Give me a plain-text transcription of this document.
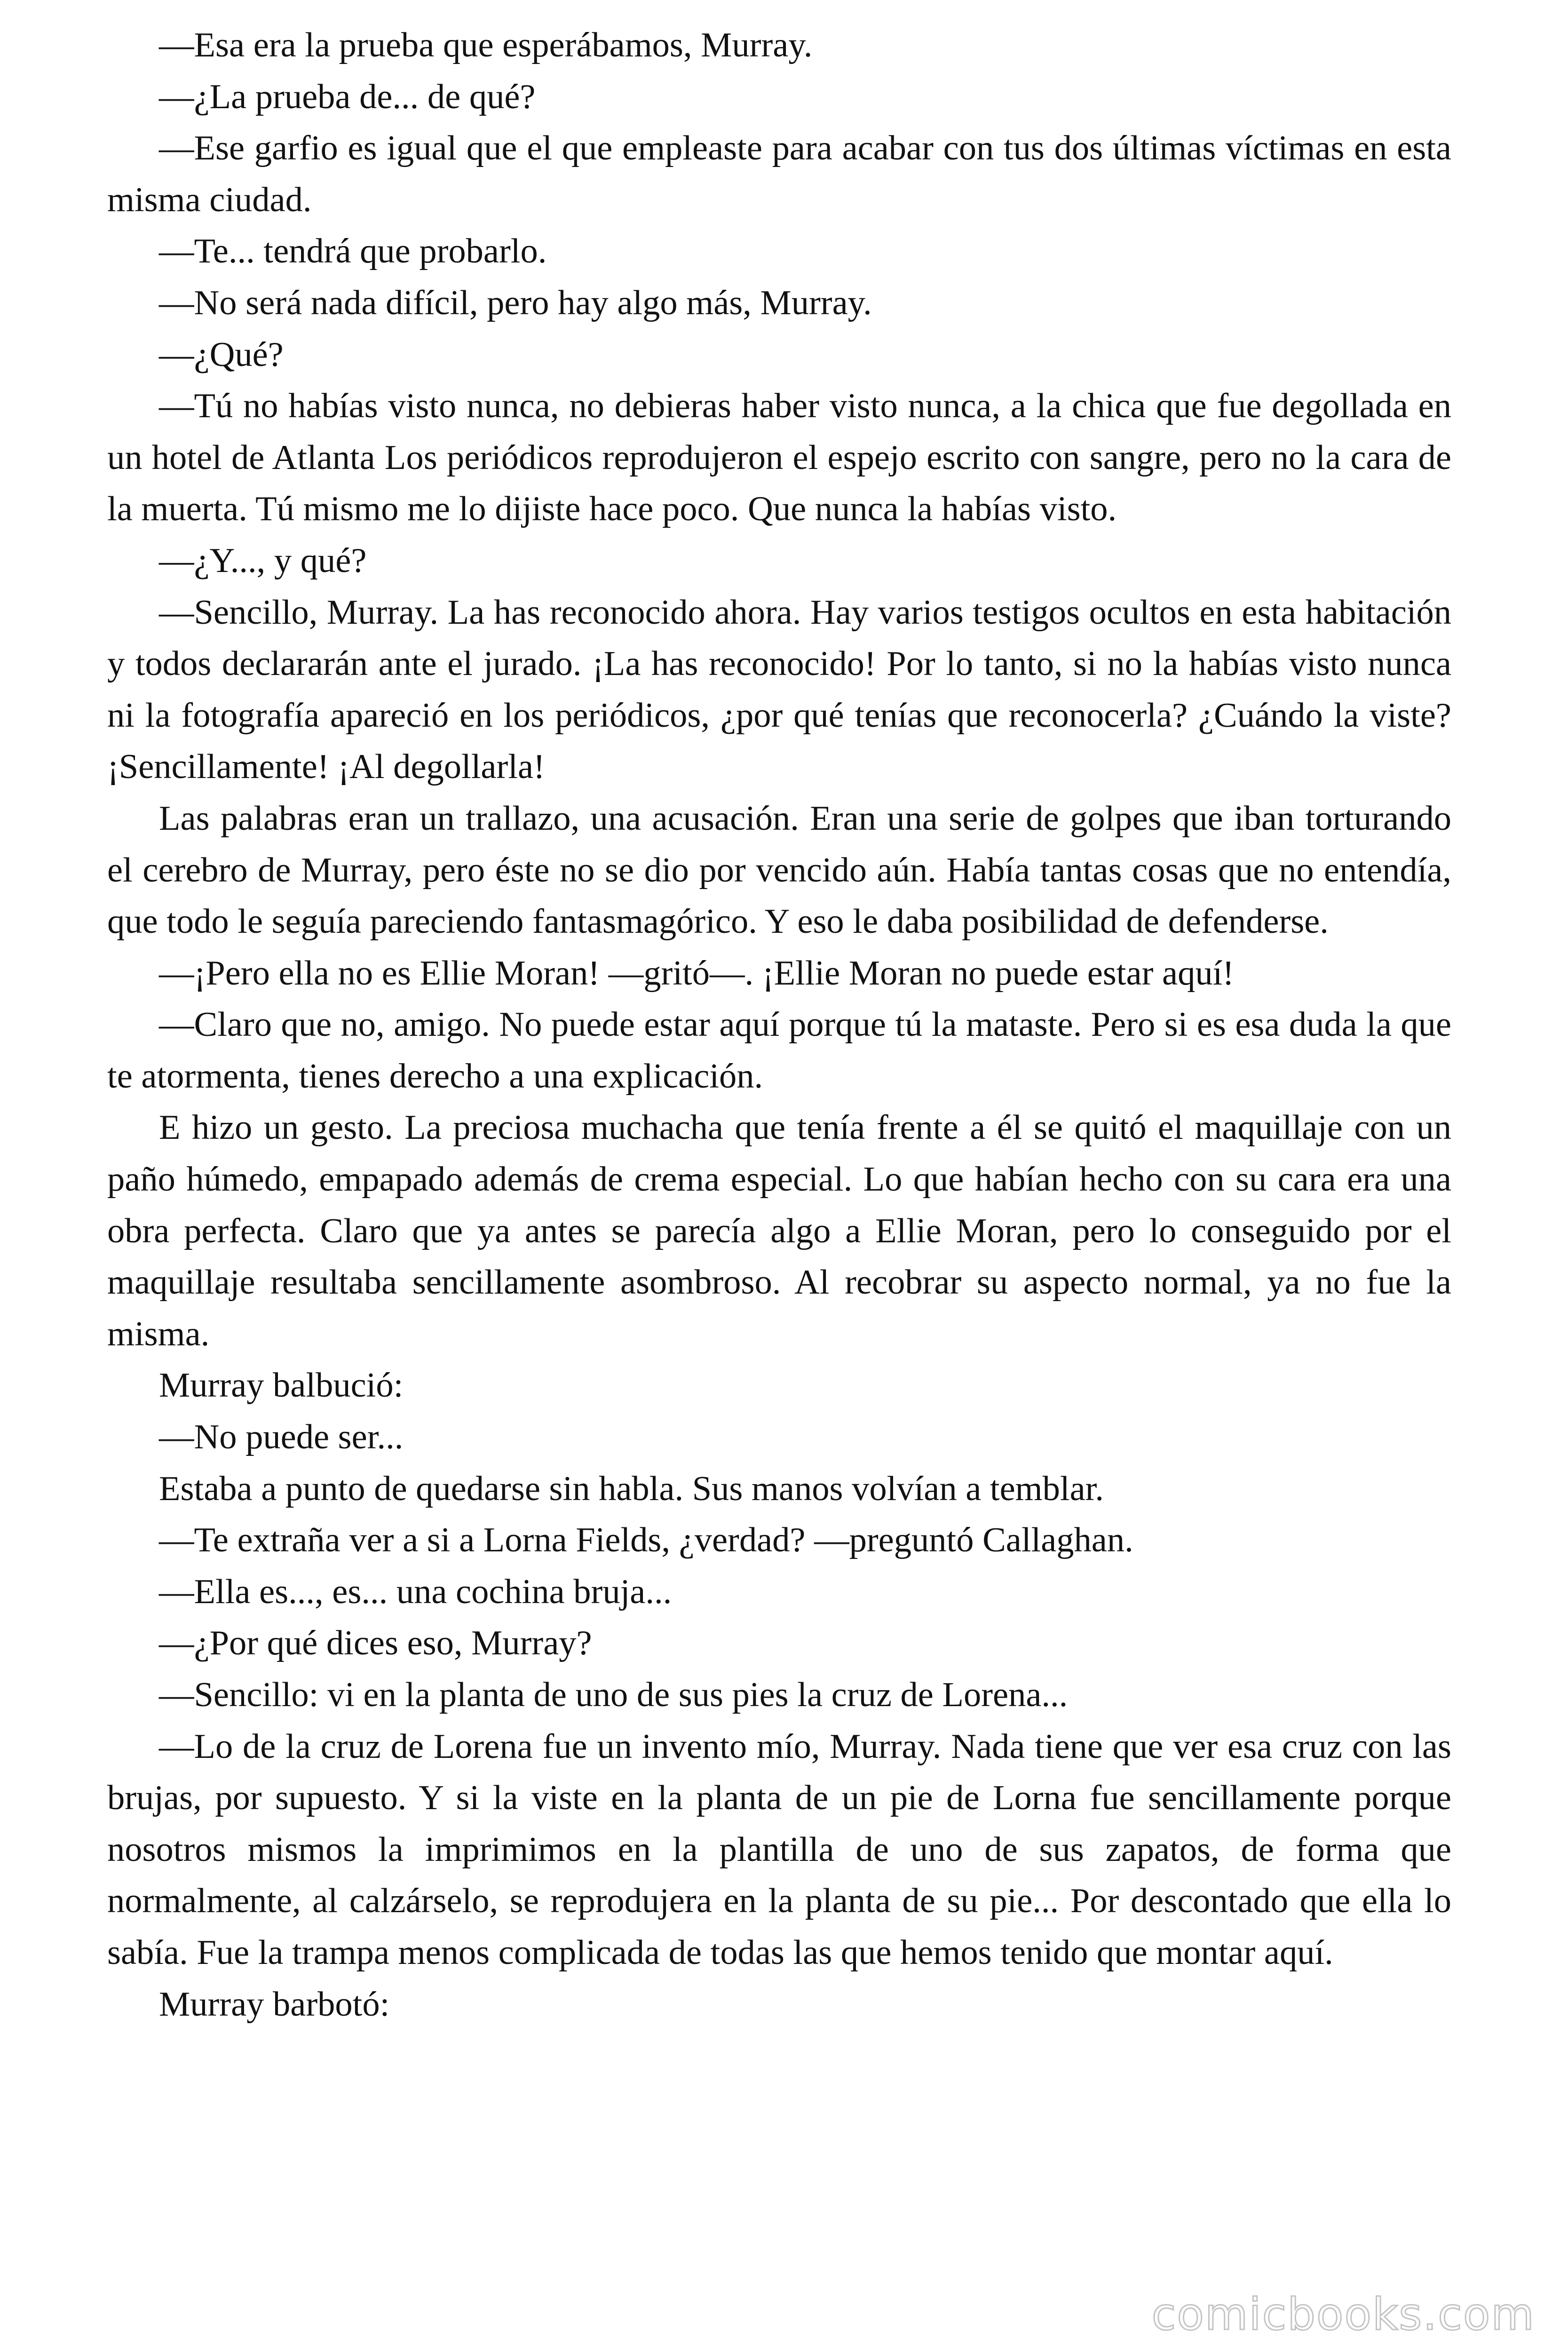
—Esa era la prueba que esperábamos, Murray.

—¿La prueba de... de qué?

—Ese garfio es igual que el que empleaste para acabar con tus dos últimas víctimas en esta misma ciudad.

—Te... tendrá que probarlo.

—No será nada difícil, pero hay algo más, Murray.

—¿Qué?

—Tú no habías visto nunca, no debieras haber visto nunca, a la chica que fue degollada en un hotel de Atlanta Los periódicos reprodujeron el espejo escrito con sangre, pero no la cara de la muerta. Tú mismo me lo dijiste hace poco. Que nunca la habías visto.

—¿Y..., y qué?

—Sencillo, Murray. La has reconocido ahora. Hay varios testigos ocultos en esta habitación y todos declararán ante el jurado. ¡La has reconocido! Por lo tanto, si no la habías visto nunca ni la fotografía apareció en los periódicos, ¿por qué tenías que reconocerla? ¿Cuándo la viste? ¡Sencillamente! ¡Al degollarla!

Las palabras eran un trallazo, una acusación. Eran una serie de golpes que iban torturando el cerebro de Murray, pero éste no se dio por vencido aún. Había tantas cosas que no entendía, que todo le seguía pareciendo fantasmagórico. Y eso le daba posibilidad de defenderse.

—¡Pero ella no es Ellie Moran! —gritó—. ¡Ellie Moran no puede estar aquí!

—Claro que no, amigo. No puede estar aquí porque tú la mataste. Pero si es esa duda la que te atormenta, tienes derecho a una explicación.

E hizo un gesto. La preciosa muchacha que tenía frente a él se quitó el maquillaje con un paño húmedo, empapado además de crema especial. Lo que habían hecho con su cara era una obra perfecta. Claro que ya antes se parecía algo a Ellie Moran, pero lo conseguido por el maquillaje resultaba sencillamente asombroso. Al recobrar su aspecto normal, ya no fue la misma.

Murray balbució:

—No puede ser...

Estaba a punto de quedarse sin habla. Sus manos volvían a temblar.

—Te extraña ver a si a Lorna Fields, ¿verdad? —preguntó Callaghan.

—Ella es..., es... una cochina bruja...

—¿Por qué dices eso, Murray?

—Sencillo: vi en la planta de uno de sus pies la cruz de Lorena...

—Lo de la cruz de Lorena fue un invento mío, Murray. Nada tiene que ver esa cruz con las brujas, por supuesto. Y si la viste en la planta de un pie de Lorna fue sencillamente porque nosotros mismos la imprimimos en la plantilla de uno de sus zapatos, de forma que normalmente, al calzárselo, se reprodujera en la planta de su pie... Por descontado que ella lo sabía. Fue la trampa menos complicada de todas las que hemos tenido que montar aquí.

Murray barbotó:

comicbooks.com
